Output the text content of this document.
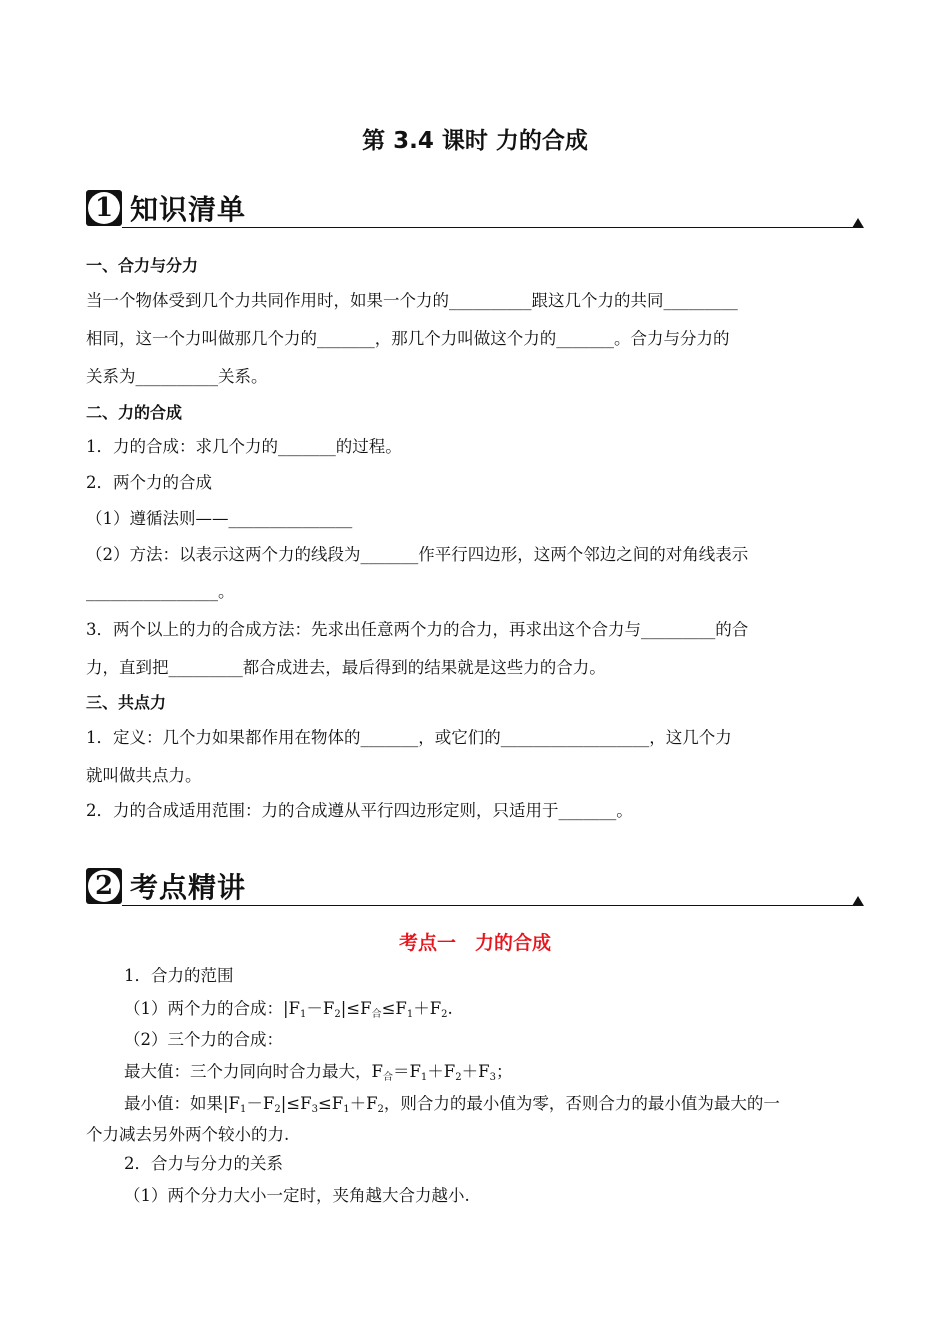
第 3.4 课时 力的合成
1 知识清单
一、合力与分力
当一个物体受到几个力共同作用时，如果一个力的__________跟这几个力的共同_________
相同，这一个力叫做那几个力的_______，那几个力叫做这个力的_______。合力与分力的
关系为__________关系。
二、力的合成
1．力的合成：求几个力的_______的过程。
2．两个力的合成
（1）遵循法则——_______________
（2）方法：以表示这两个力的线段为_______作平行四边形，这两个邻边之间的对角线表示
________________。
3．两个以上的力的合成方法：先求出任意两个力的合力，再求出这个合力与_________的合
力，直到把_________都合成进去，最后得到的结果就是这些力的合力。
三、共点力
1．定义：几个力如果都作用在物体的_______，或它们的__________________，这几个力
就叫做共点力。
2．力的合成适用范围：力的合成遵从平行四边形定则，只适用于_______。
2 考点精讲
考点一　力的合成
1．合力的范围
（1）两个力的合成：$|F_1-F_2|\le F_合\le F_1+F_2$.
（2）三个力的合成：
最大值：三个力同向时合力最大，$F_合=F_1+F_2+F_3$；
最小值：如果$|F_1-F_2|\le F_3\le F_1+F_2$，则合力的最小值为零，否则合力的最小值为最大的一
个力减去另外两个较小的力.
2．合力与分力的关系
（1）两个分力大小一定时，夹角越大合力越小.
